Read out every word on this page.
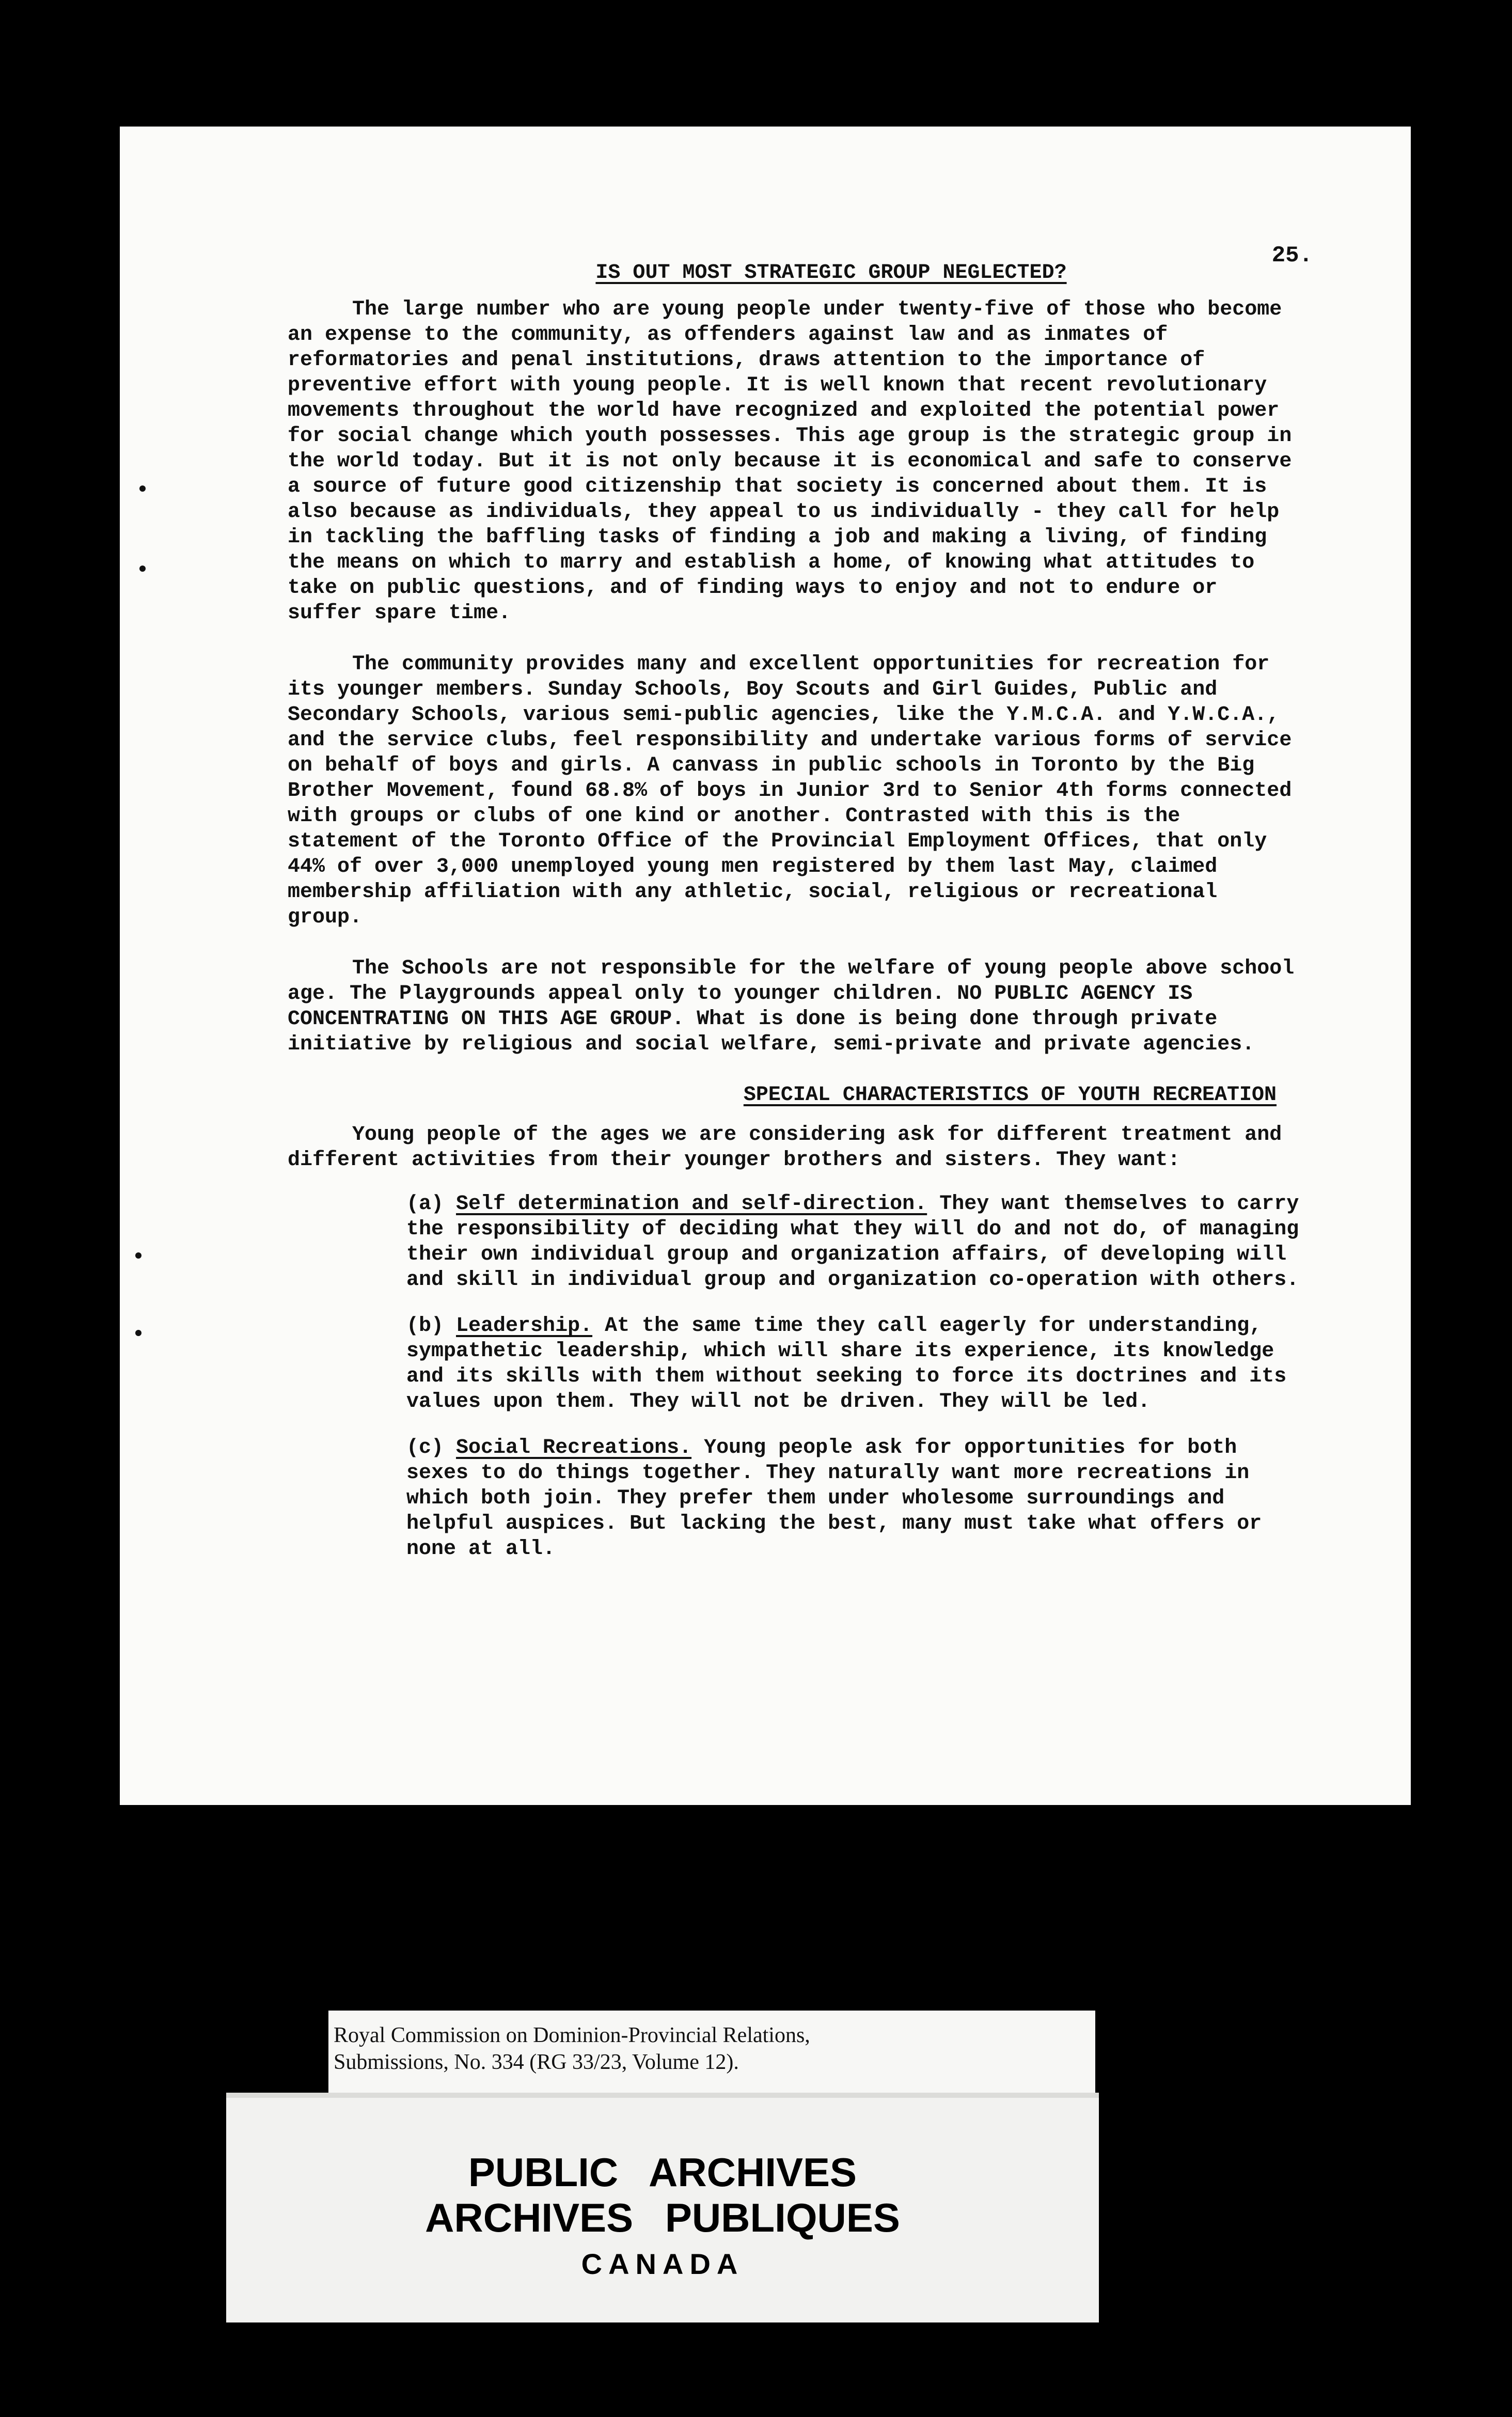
25.

IS OUT MOST STRATEGIC GROUP NEGLECTED?

The large number who are young people under twenty-five of those who become an expense to the community, as offenders against law and as inmates of reformatories and penal institutions, draws attention to the importance of preventive effort with young people. It is well known that recent revolutionary movements throughout the world have recognized and exploited the potential power for social change which youth possesses. This age group is the strategic group in the world today. But it is not only because it is economical and safe to conserve a source of future good citizenship that society is concerned about them. It is also because as individuals, they appeal to us individually - they call for help in tackling the baffling tasks of finding a job and making a living, of finding the means on which to marry and establish a home, of knowing what attitudes to take on public questions, and of finding ways to enjoy and not to endure or suffer spare time.

The community provides many and excellent opportunities for recreation for its younger members. Sunday Schools, Boy Scouts and Girl Guides, Public and Secondary Schools, various semi-public agencies, like the Y.M.C.A. and Y.W.C.A., and the service clubs, feel responsibility and undertake various forms of service on behalf of boys and girls. A canvass in public schools in Toronto by the Big Brother Movement, found 68.8% of boys in Junior 3rd to Senior 4th forms connected with groups or clubs of one kind or another. Contrasted with this is the statement of the Toronto Office of the Provincial Employment Offices, that only 44% of over 3,000 unemployed young men registered by them last May, claimed membership affiliation with any athletic, social, religious or recreational group.

The Schools are not responsible for the welfare of young people above school age. The Playgrounds appeal only to younger children. NO PUBLIC AGENCY IS CONCENTRATING ON THIS AGE GROUP. What is done is being done through private initiative by religious and social welfare, semi-private and private agencies.

SPECIAL CHARACTERISTICS OF YOUTH RECREATION

Young people of the ages we are considering ask for different treatment and different activities from their younger brothers and sisters. They want:

(a) Self determination and self-direction. They want themselves to carry the responsibility of deciding what they will do and not do, of managing their own individual group and organization affairs, of developing will and skill in individual group and organization co-operation with others.
(b) Leadership. At the same time they call eagerly for understanding, sympathetic leadership, which will share its experience, its knowledge and its skills with them without seeking to force its doctrines and its values upon them. They will not be driven. They will be led.
(c) Social Recreations. Young people ask for opportunities for both sexes to do things together. They naturally want more recreations in which both join. They prefer them under wholesome surroundings and helpful auspices. But lacking the best, many must take what offers or none at all.
Royal Commission on Dominion-Provincial Relations,
Submissions, No. 334 (RG 33/23, Volume 12).

PUBLIC ARCHIVES

ARCHIVES PUBLIQUES

CANADA
